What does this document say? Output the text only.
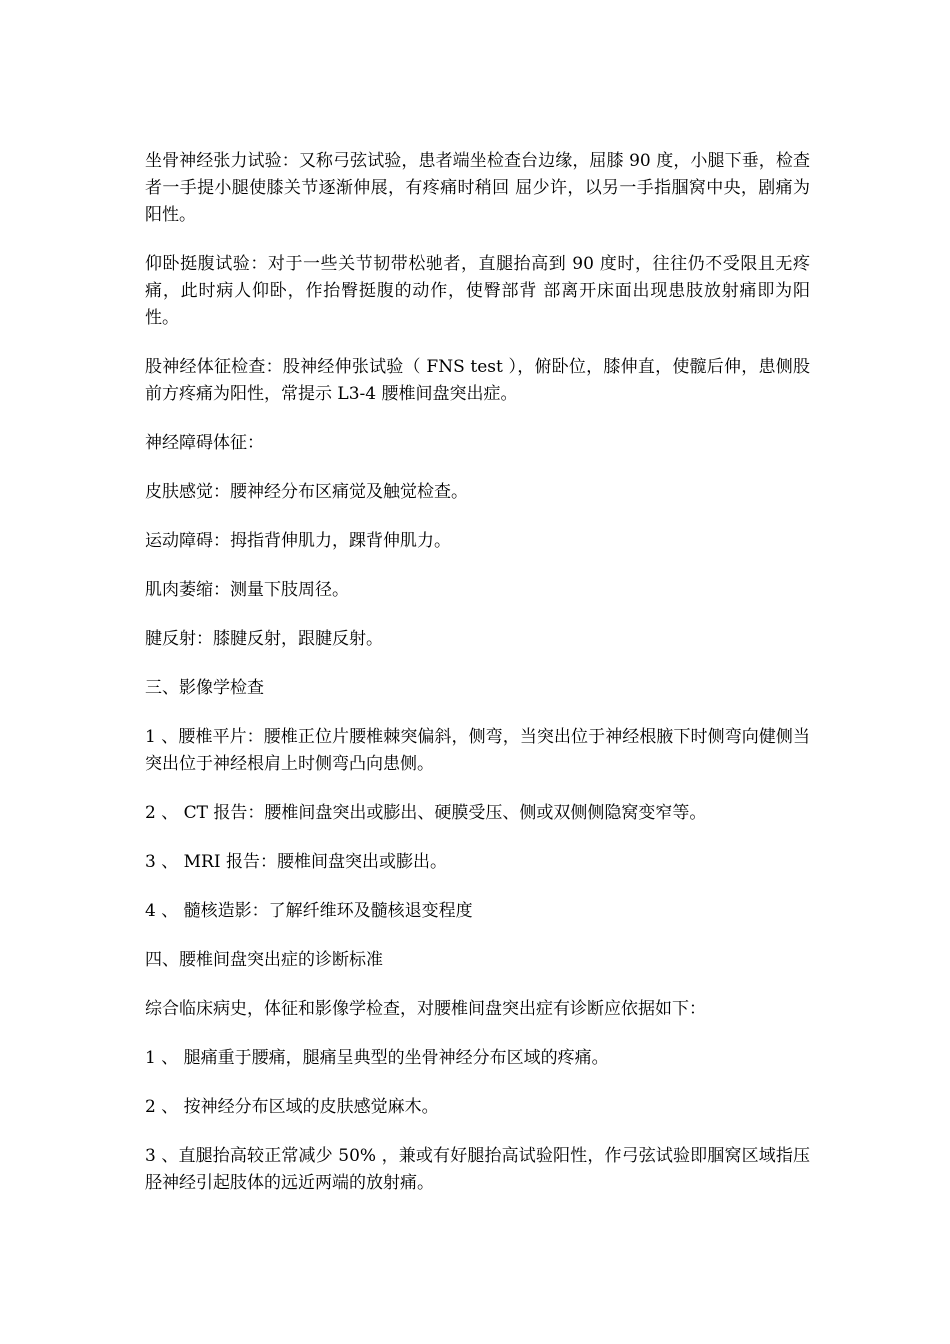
坐骨神经张力试验：又称弓弦试验，患者端坐检查台边缘，屈膝 90 度，小腿下垂，检查者一手提小腿使膝关节逐渐伸展，有疼痛时稍回 屈少许，以另一手指腘窝中央，剧痛为阳性。

仰卧挺腹试验：对于一些关节韧带松驰者，直腿抬高到 90 度时，往往仍不受限且无疼痛，此时病人仰卧，作抬臀挺腹的动作，使臀部背 部离开床面出现患肢放射痛即为阳性。

股神经体征检查：股神经伸张试验（ FNS test ），俯卧位，膝伸直，使髋后伸，患侧股前方疼痛为阳性，常提示 L3-4 腰椎间盘突出症。

神经障碍体征：

皮肤感觉：腰神经分布区痛觉及触觉检查。

运动障碍：拇指背伸肌力，踝背伸肌力。

肌肉萎缩：测量下肢周径。

腱反射：膝腱反射，跟腱反射。

三、影像学检查

1 、腰椎平片：腰椎正位片腰椎棘突偏斜，侧弯，当突出位于神经根腋下时侧弯向健侧当突出位于神经根肩上时侧弯凸向患侧。

2 、 CT 报告：腰椎间盘突出或膨出、硬膜受压、侧或双侧侧隐窝变窄等。

3 、 MRI 报告：腰椎间盘突出或膨出。

4 、 髓核造影：了解纤维环及髓核退变程度

四、腰椎间盘突出症的诊断标准

综合临床病史，体征和影像学检查，对腰椎间盘突出症有诊断应依据如下：

1 、 腿痛重于腰痛，腿痛呈典型的坐骨神经分布区域的疼痛。

2 、 按神经分布区域的皮肤感觉麻木。

3 、直腿抬高较正常减少 50% ，兼或有好腿抬高试验阳性，作弓弦试验即腘窝区域指压胫神经引起肢体的远近两端的放射痛。
